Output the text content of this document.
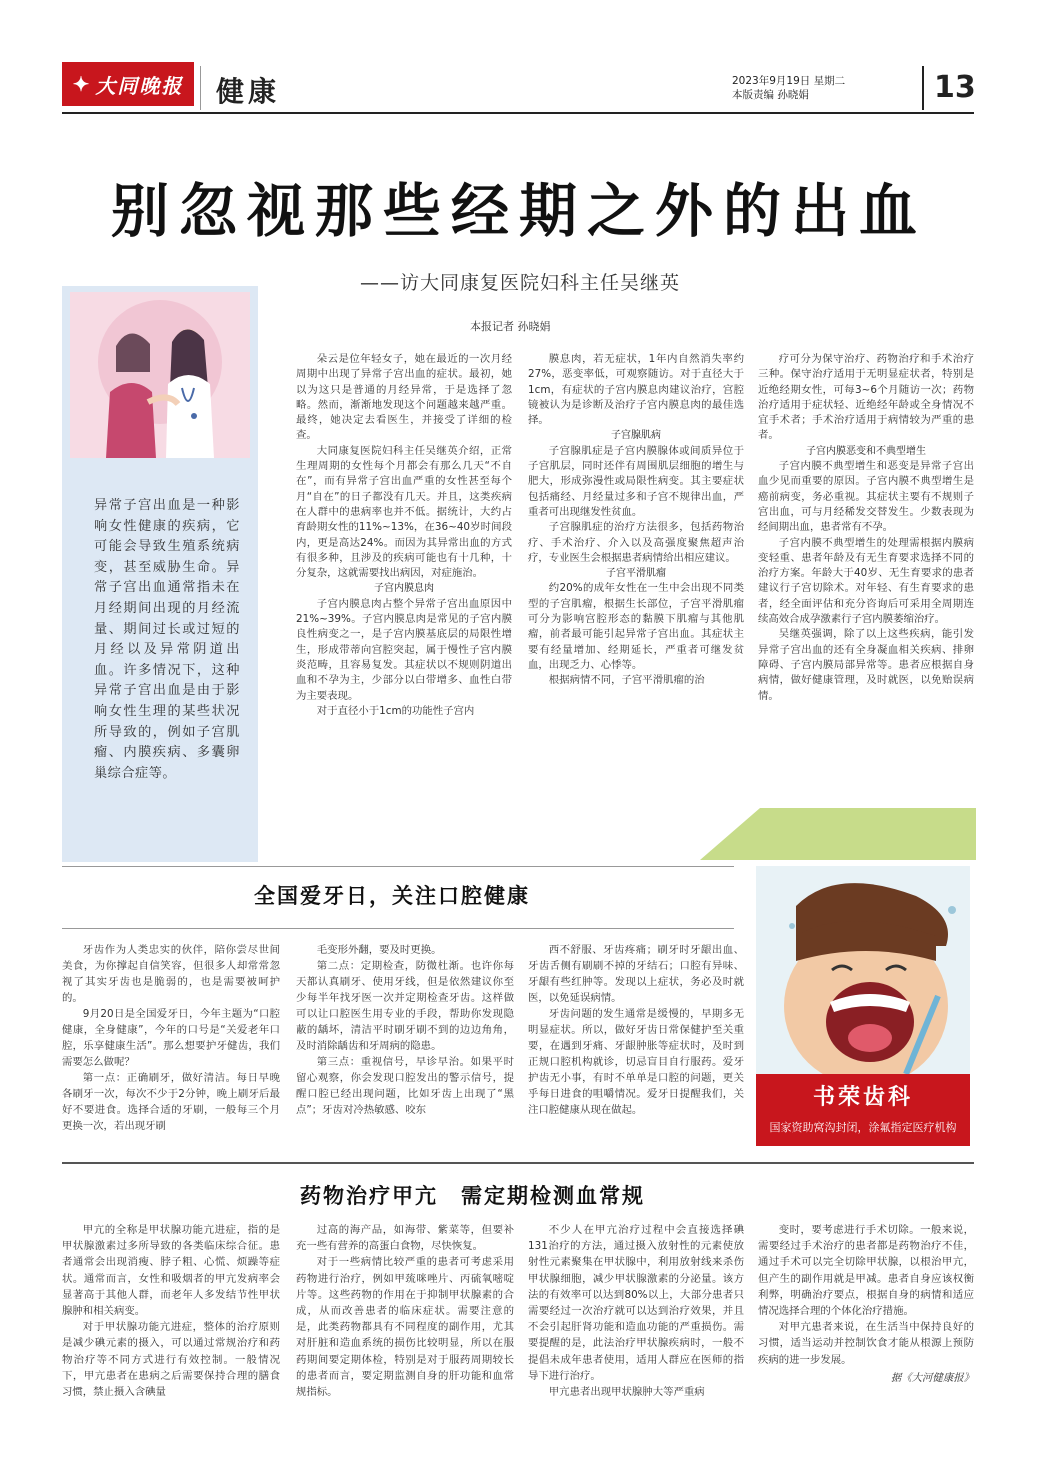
✦ 大同晚报 健康	2023年9月19日 星期二
本版责编 孙晓娟	13
别忽视那些经期之外的出血
——访大同康复医院妇科主任吴继英
本报记者 孙晓娟
异常子宫出血是一种影响女性健康的疾病，它可能会导致生殖系统病变，甚至威胁生命。异常子宫出血通常指未在月经期间出现的月经流量、期间过长或过短的月经以及异常阴道出血。许多情况下，这种异常子宫出血是由于影响女性生理的某些状况所导致的，例如子宫肌瘤、内膜疾病、多囊卵巢综合症等。

朵云是位年轻女子，她在最近的一次月经周期中出现了异常子宫出血的症状。最初，她以为这只是普通的月经异常，于是选择了忽略。然而，渐渐地发现这个问题越来越严重。最终，她决定去看医生，并接受了详细的检查。

大同康复医院妇科主任吴继英介绍，正常生理周期的女性每个月都会有那么几天“不自在”，而有异常子宫出血严重的女性甚至每个月“自在”的日子都没有几天。并且，这类疾病在人群中的患病率也并不低。据统计，大约占育龄期女性的11%~13%，在36~40岁时间段内，更是高达24%。而因为其异常出血的方式有很多种，且涉及的疾病可能也有十几种，十分复杂，这就需要找出病因，对症施治。

子宫内膜息肉

子宫内膜息肉占整个异常子宫出血原因中21%~39%。子宫内膜息肉是常见的子宫内膜良性病变之一，是子宫内膜基底层的局限性增生，形成带蒂向宫腔突起，属于慢性子宫内膜炎范畴，且容易复发。其症状以不规则阴道出血和不孕为主，少部分以白带增多、血性白带为主要表现。

对于直径小于1cm的功能性子宫内

膜息肉，若无症状，1年内自然消失率约27%，恶变率低，可观察随访。对于直径大于1cm，有症状的子宫内膜息肉建议治疗，宫腔镜被认为是诊断及治疗子宫内膜息肉的最佳选择。

子宫腺肌病

子宫腺肌症是子宫内膜腺体或间质异位于子宫肌层，同时还伴有周围肌层细胞的增生与肥大，形成弥漫性或局限性病变。其主要症状包括痛经、月经量过多和子宫不规律出血，严重者可出现继发性贫血。

子宫腺肌症的治疗方法很多，包括药物治疗、手术治疗、介入以及高强度聚焦超声治疗，专业医生会根据患者病情给出相应建议。

子宫平滑肌瘤

约20%的成年女性在一生中会出现不同类型的子宫肌瘤，根据生长部位，子宫平滑肌瘤可分为影响宫腔形态的黏膜下肌瘤与其他肌瘤，前者最可能引起异常子宫出血。其症状主要有经量增加、经期延长，严重者可继发贫血，出现乏力、心悸等。

根据病情不同，子宫平滑肌瘤的治

疗可分为保守治疗、药物治疗和手术治疗三种。保守治疗适用于无明显症状者，特别是近绝经期女性，可每3~6个月随访一次；药物治疗适用于症状轻、近绝经年龄或全身情况不宜手术者；手术治疗适用于病情较为严重的患者。

子宫内膜恶变和不典型增生

子宫内膜不典型增生和恶变是异常子宫出血少见而重要的原因。子宫内膜不典型增生是癌前病变，务必重视。其症状主要有不规则子宫出血，可与月经稀发交替发生。少数表现为经间期出血，患者常有不孕。

子宫内膜不典型增生的处理需根据内膜病变轻重、患者年龄及有无生育要求选择不同的治疗方案。年龄大于40岁、无生育要求的患者建议行子宫切除术。对年轻、有生育要求的患者，经全面评估和充分咨询后可采用全周期连续高效合成孕激素行子宫内膜萎缩治疗。

吴继英强调，除了以上这些疾病，能引发异常子宫出血的还有全身凝血相关疾病、排卵障碍、子宫内膜局部异常等。患者应根据自身病情，做好健康管理，及时就医，以免贻误病情。

全国爱牙日，关注口腔健康

牙齿作为人类忠实的伙伴，陪你尝尽世间美食，为你撑起自信笑容，但很多人却常常忽视了其实牙齿也是脆弱的，也是需要被呵护的。

9月20日是全国爱牙日，今年主题为“口腔健康，全身健康”，今年的口号是“关爱老年口腔，乐享健康生活”。那么想要护牙健齿，我们需要怎么做呢？

第一点：正确刷牙，做好清洁。每日早晚各刷牙一次，每次不少于2分钟，晚上刷牙后最好不要进食。选择合适的牙刷，一般每三个月更换一次，若出现牙刷

毛变形外翻，要及时更换。

第二点：定期检查，防微杜渐。也许你每天都认真刷牙、使用牙线，但是依然建议你至少每半年找牙医一次并定期检查牙齿。这样做可以让口腔医生用专业的手段，帮助你发现隐蔽的龋坏，清洁平时刷牙刷不到的边边角角，及时消除龋齿和牙周病的隐患。

第三点：重视信号，早诊早治。如果平时留心观察，你会发现口腔发出的警示信号，提醒口腔已经出现问题，比如牙齿上出现了“黑点”；牙齿对冷热敏感、咬东

西不舒服、牙齿疼痛；刷牙时牙龈出血、牙齿舌侧有刷刷不掉的牙结石；口腔有异味、牙龈有些红肿等。发现以上症状，务必及时就医，以免延误病情。

牙齿问题的发生通常是缓慢的，早期多无明显症状。所以，做好牙齿日常保健护至关重要，在遇到牙痛、牙龈肿胀等症状时，及时到正规口腔机构就诊，切忌盲目自行服药。爱牙护齿无小事，有时不单单是口腔的问题，更关乎每日进食的咀嚼情况。爱牙日提醒我们，关注口腔健康从现在做起。	书荣齿科
国家资助窝沟封闭，涂氟指定医疗机构
药物治疗甲亢　需定期检测血常规

甲亢的全称是甲状腺功能亢进症，指的是甲状腺激素过多所导致的各类临床综合征。患者通常会出现消瘦、脖子粗、心慌、烦躁等症状。通常而言，女性和吸烟者的甲亢发病率会显著高于其他人群，而老年人多发结节性甲状腺肿和相关病变。

对于甲状腺功能亢进症，整体的治疗原则是减少碘元素的摄入，可以通过常规治疗和药物治疗等不同方式进行有效控制。一般情况下，甲亢患者在患病之后需要保持合理的膳食习惯，禁止摄入含碘量

过高的海产品，如海带、紫菜等，但要补充一些有营养的高蛋白食物，尽快恢复。

对于一些病情比较严重的患者可考虑采用药物进行治疗，例如甲巯咪唑片、丙硫氧嘧啶片等。这些药物的作用在于抑制甲状腺素的合成，从而改善患者的临床症状。需要注意的是，此类药物都具有不同程度的副作用，尤其对肝脏和造血系统的损伤比较明显，所以在服药期间要定期体检，特别是对于服药周期较长的患者而言，要定期监测自身的肝功能和血常规指标。

不少人在甲亢治疗过程中会直接选择碘131治疗的方法，通过摄入放射性的元素使放射性元素聚集在甲状腺中，利用放射线来杀伤甲状腺细胞，减少甲状腺激素的分泌量。该方法的有效率可以达到80%以上，大部分患者只需要经过一次治疗就可以达到治疗效果，并且不会引起肝肾功能和造血功能的严重损伤。需要提醒的是，此法治疗甲状腺疾病时，一般不提倡未成年患者使用，适用人群应在医师的指导下进行治疗。

甲亢患者出现甲状腺肿大等严重病

变时，要考虑进行手术切除。一般来说，需要经过手术治疗的患者都是药物治疗不佳，通过手术可以完全切除甲状腺，以根治甲亢，但产生的副作用就是甲减。患者自身应该权衡利弊，明确治疗要点，根据自身的病情和适应情况选择合理的个体化治疗措施。

对甲亢患者来说，在生活当中保持良好的习惯，适当运动并控制饮食才能从根源上预防疾病的进一步发展。

据《大河健康报》
